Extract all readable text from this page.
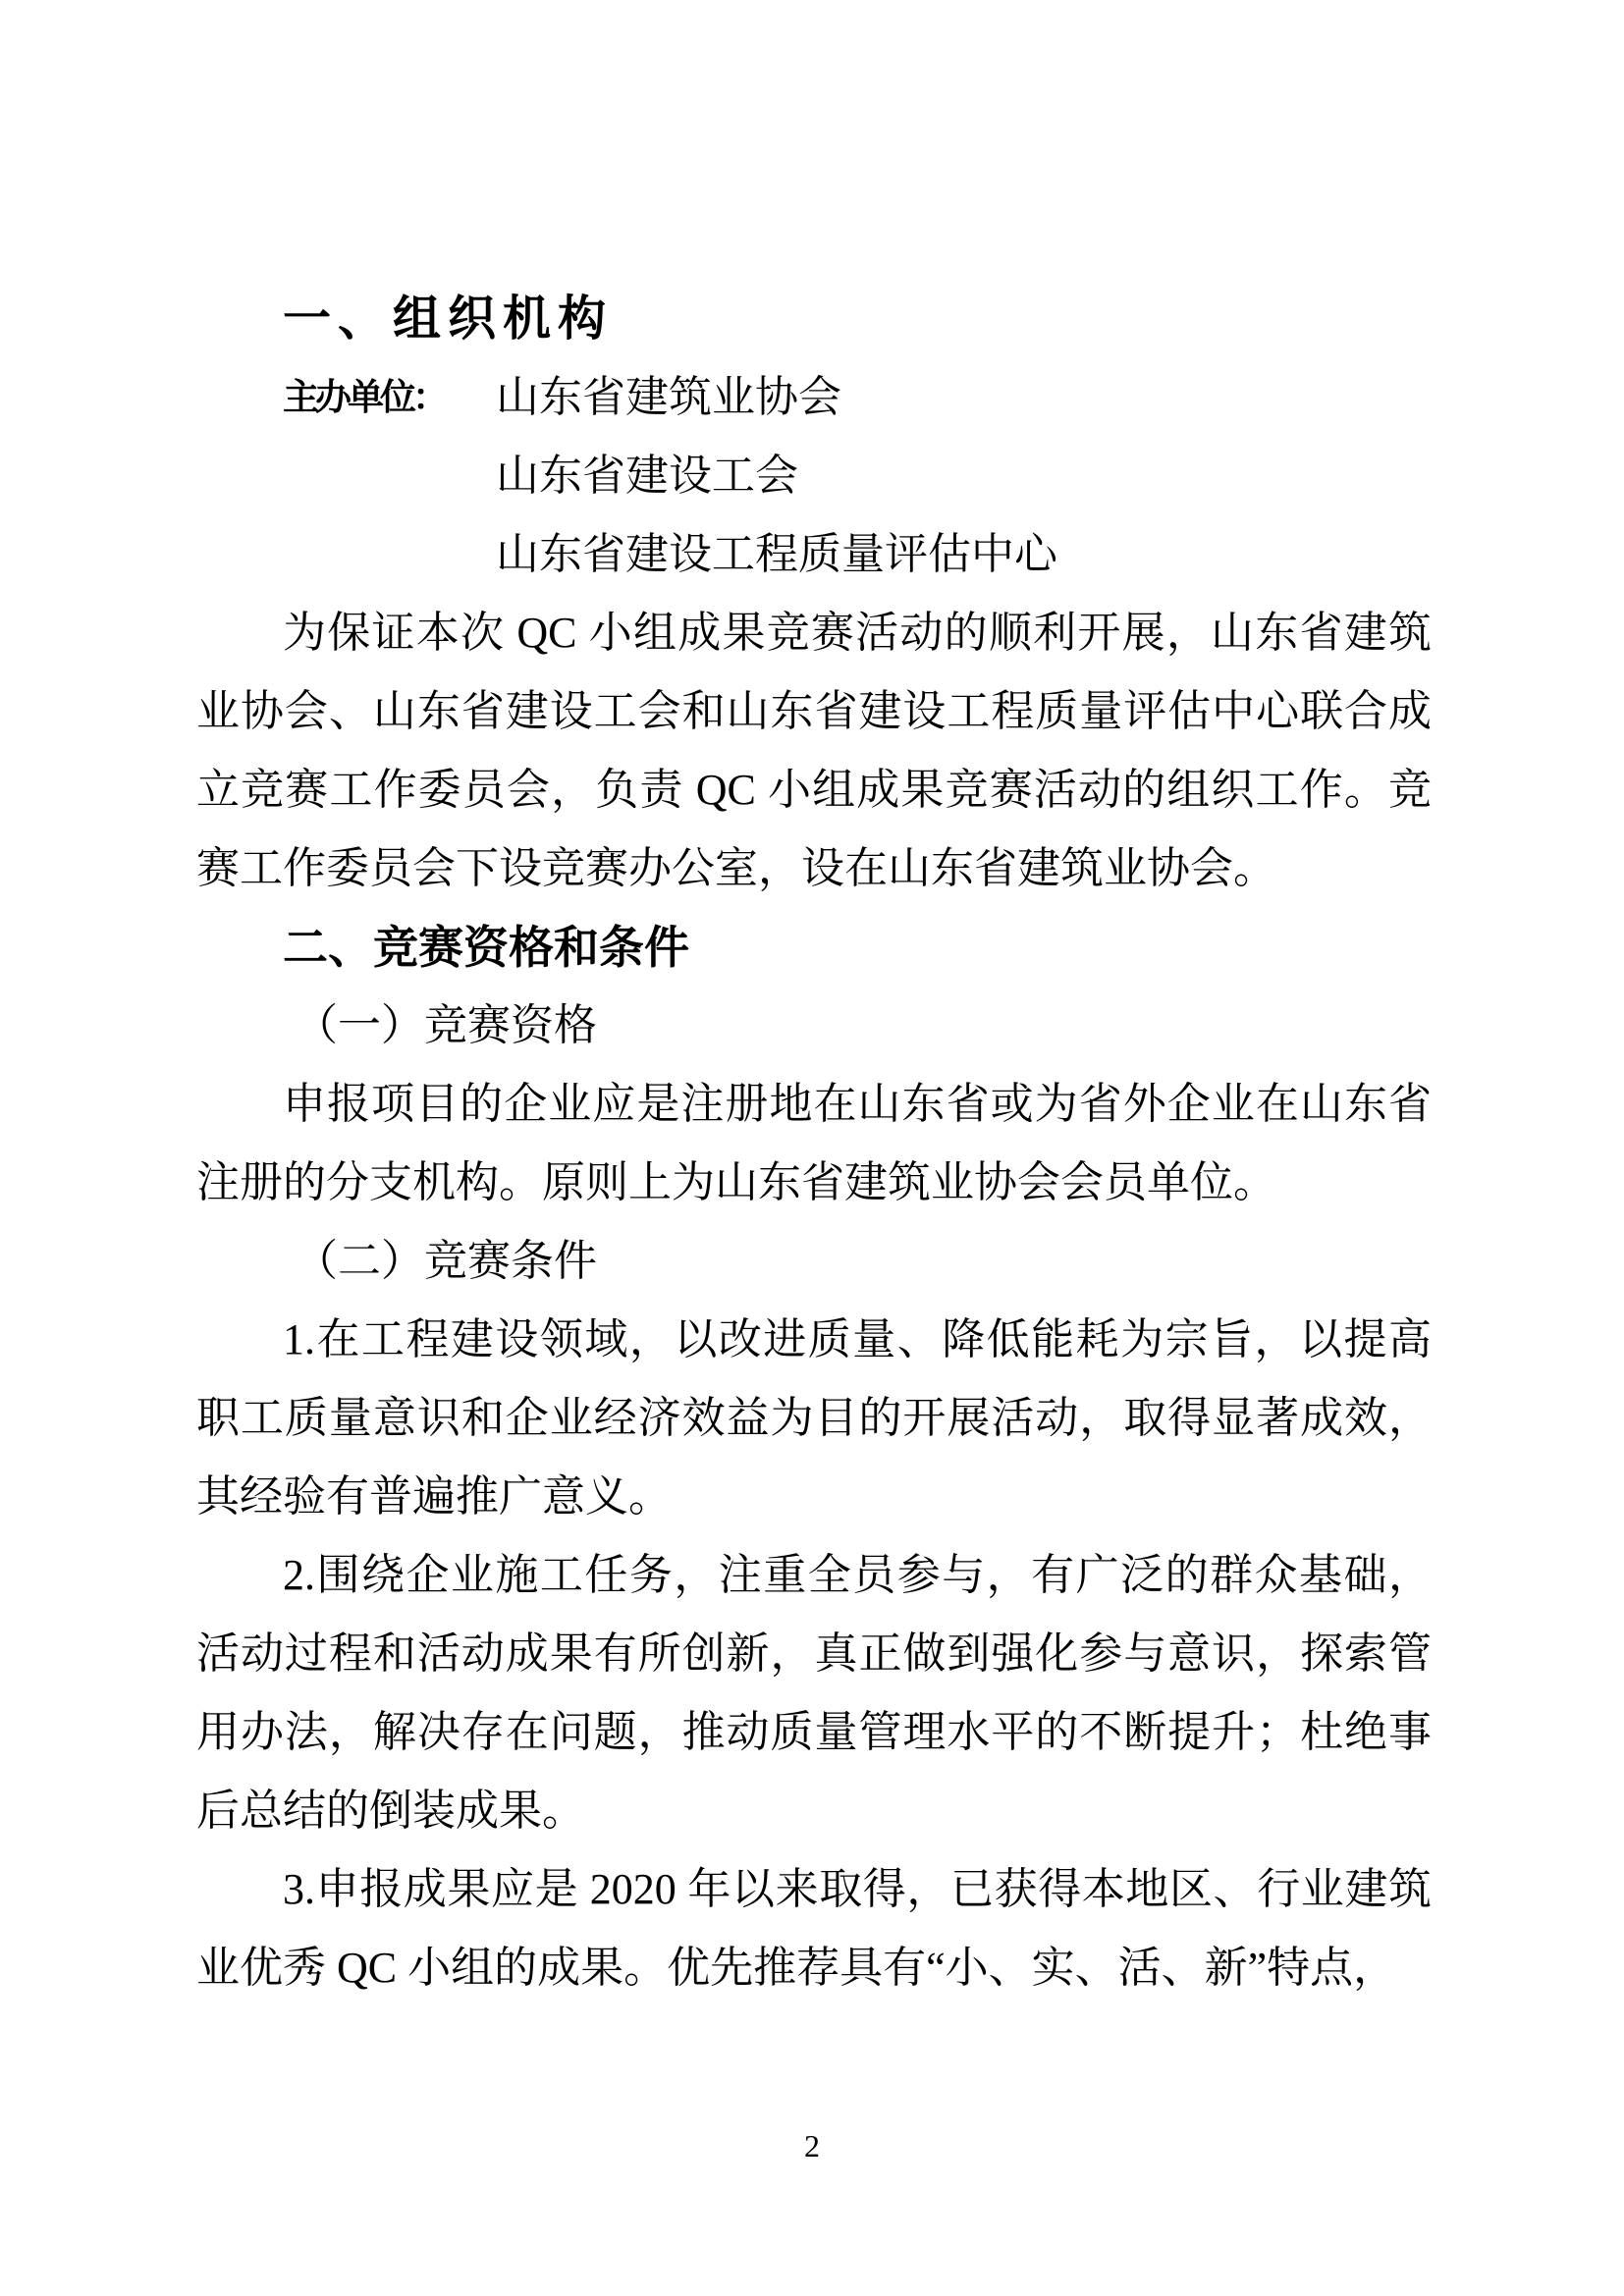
一、组织机构
主办单位：	山东省建筑业协会
山东省建设工会
山东省建设工程质量评估中心

为保证本次 QC 小组成果竞赛活动的顺利开展，山东省建筑业协会、山东省建设工会和山东省建设工程质量评估中心联合成立竞赛工作委员会，负责 QC 小组成果竞赛活动的组织工作。竞赛工作委员会下设竞赛办公室，设在山东省建筑业协会。

二、竞赛资格和条件
（一）竞赛资格

申报项目的企业应是注册地在山东省或为省外企业在山东省注册的分支机构。原则上为山东省建筑业协会会员单位。

（二）竞赛条件

1.在工程建设领域，以改进质量、降低能耗为宗旨，以提高职工质量意识和企业经济效益为目的开展活动，取得显著成效，其经验有普遍推广意义。

2.围绕企业施工任务，注重全员参与，有广泛的群众基础，活动过程和活动成果有所创新，真正做到强化参与意识，探索管用办法，解决存在问题，推动质量管理水平的不断提升；杜绝事后总结的倒装成果。

3.申报成果应是 2020 年以来取得，已获得本地区、行业建筑业优秀 QC 小组的成果。优先推荐具有“小、实、活、新”特点，

2
